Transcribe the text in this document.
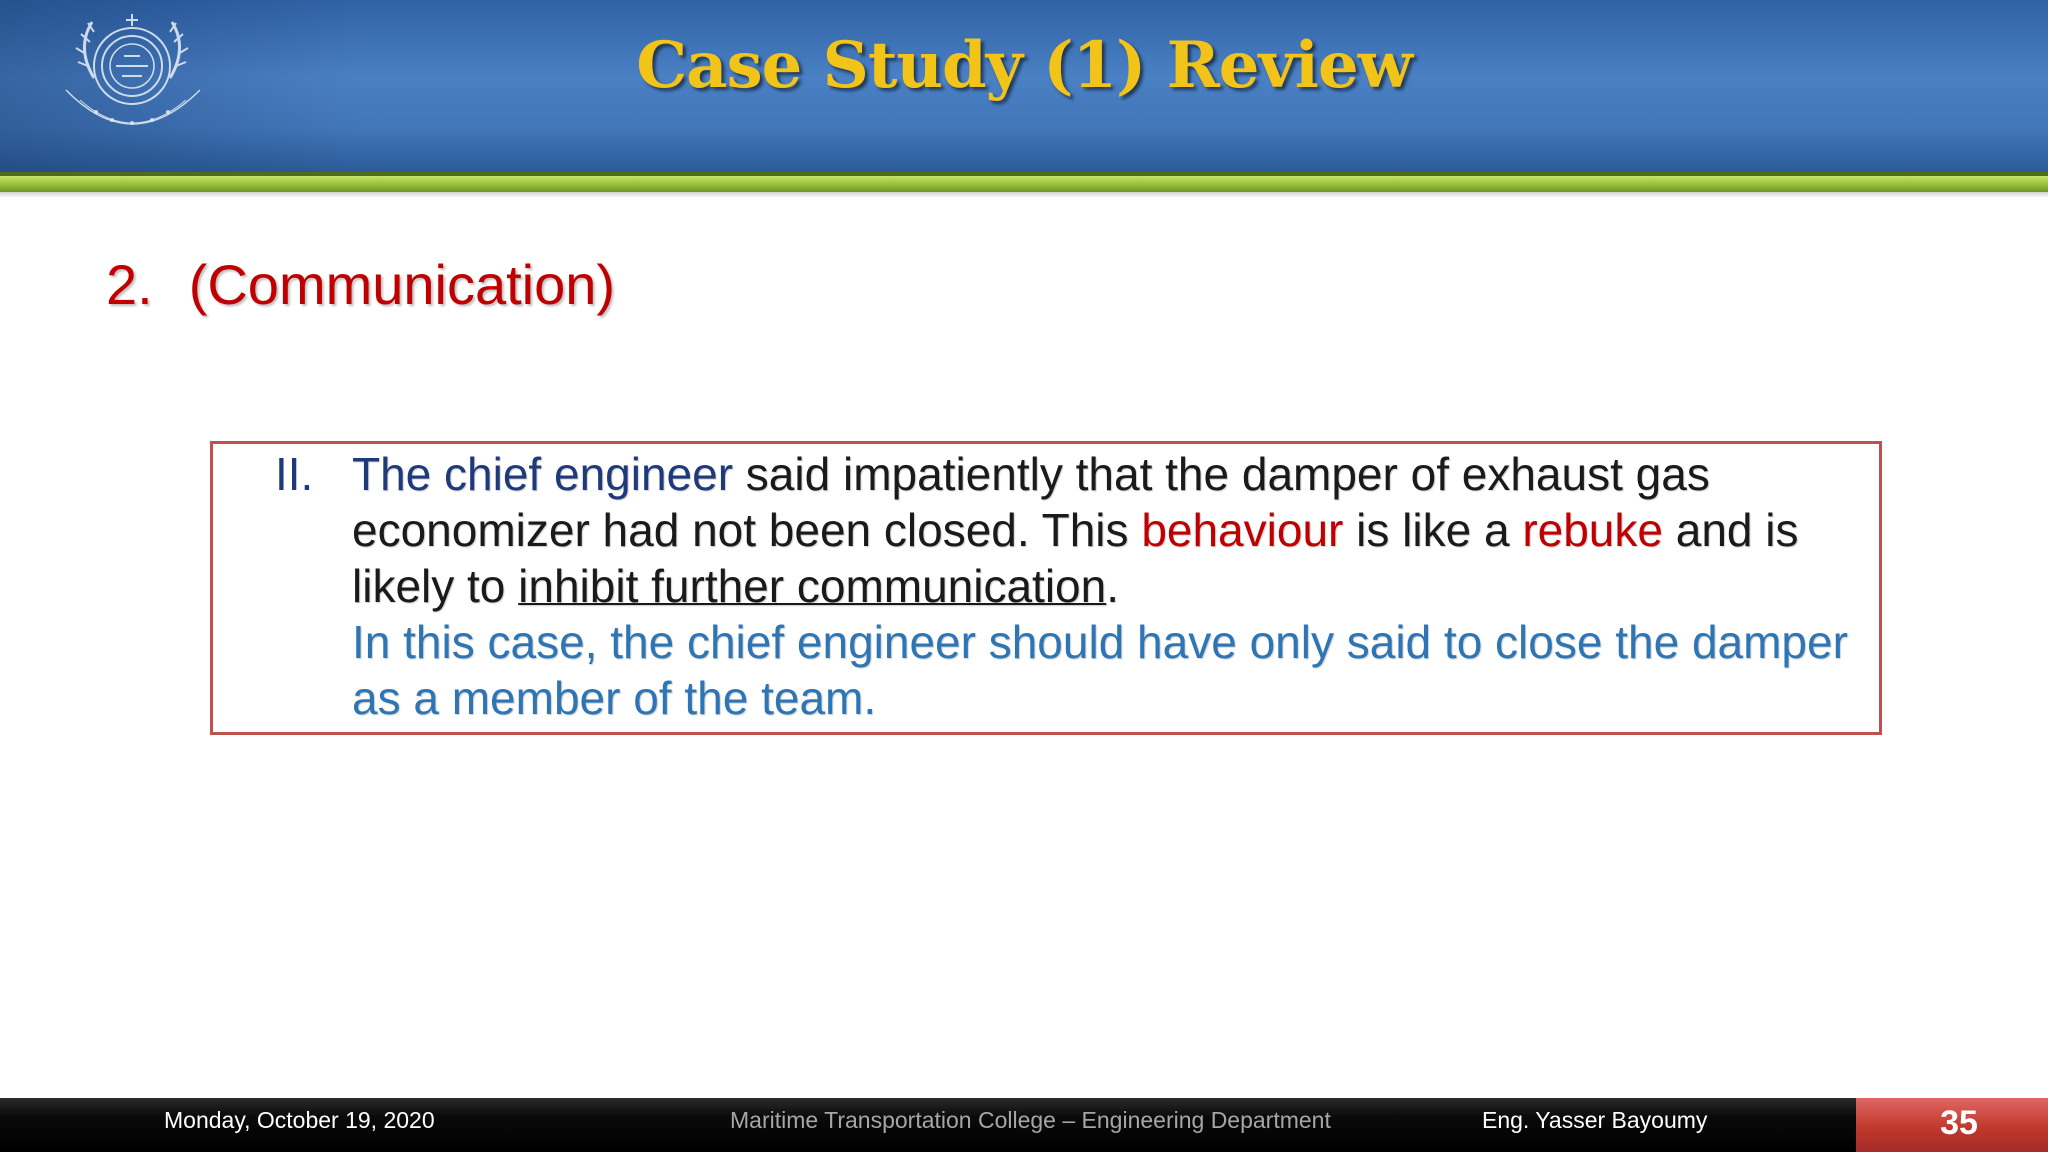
Case Study (1) Review
2. (Communication)
II. The chief engineer said impatiently that the damper of exhaust gas economizer had not been closed. This behaviour is like a rebuke and is likely to inhibit further communication.
In this case, the chief engineer should have only said to close the damper as a member of the team.
Monday, October 19, 2020	Maritime Transportation College – Engineering Department	Eng. Yasser Bayoumy	35
